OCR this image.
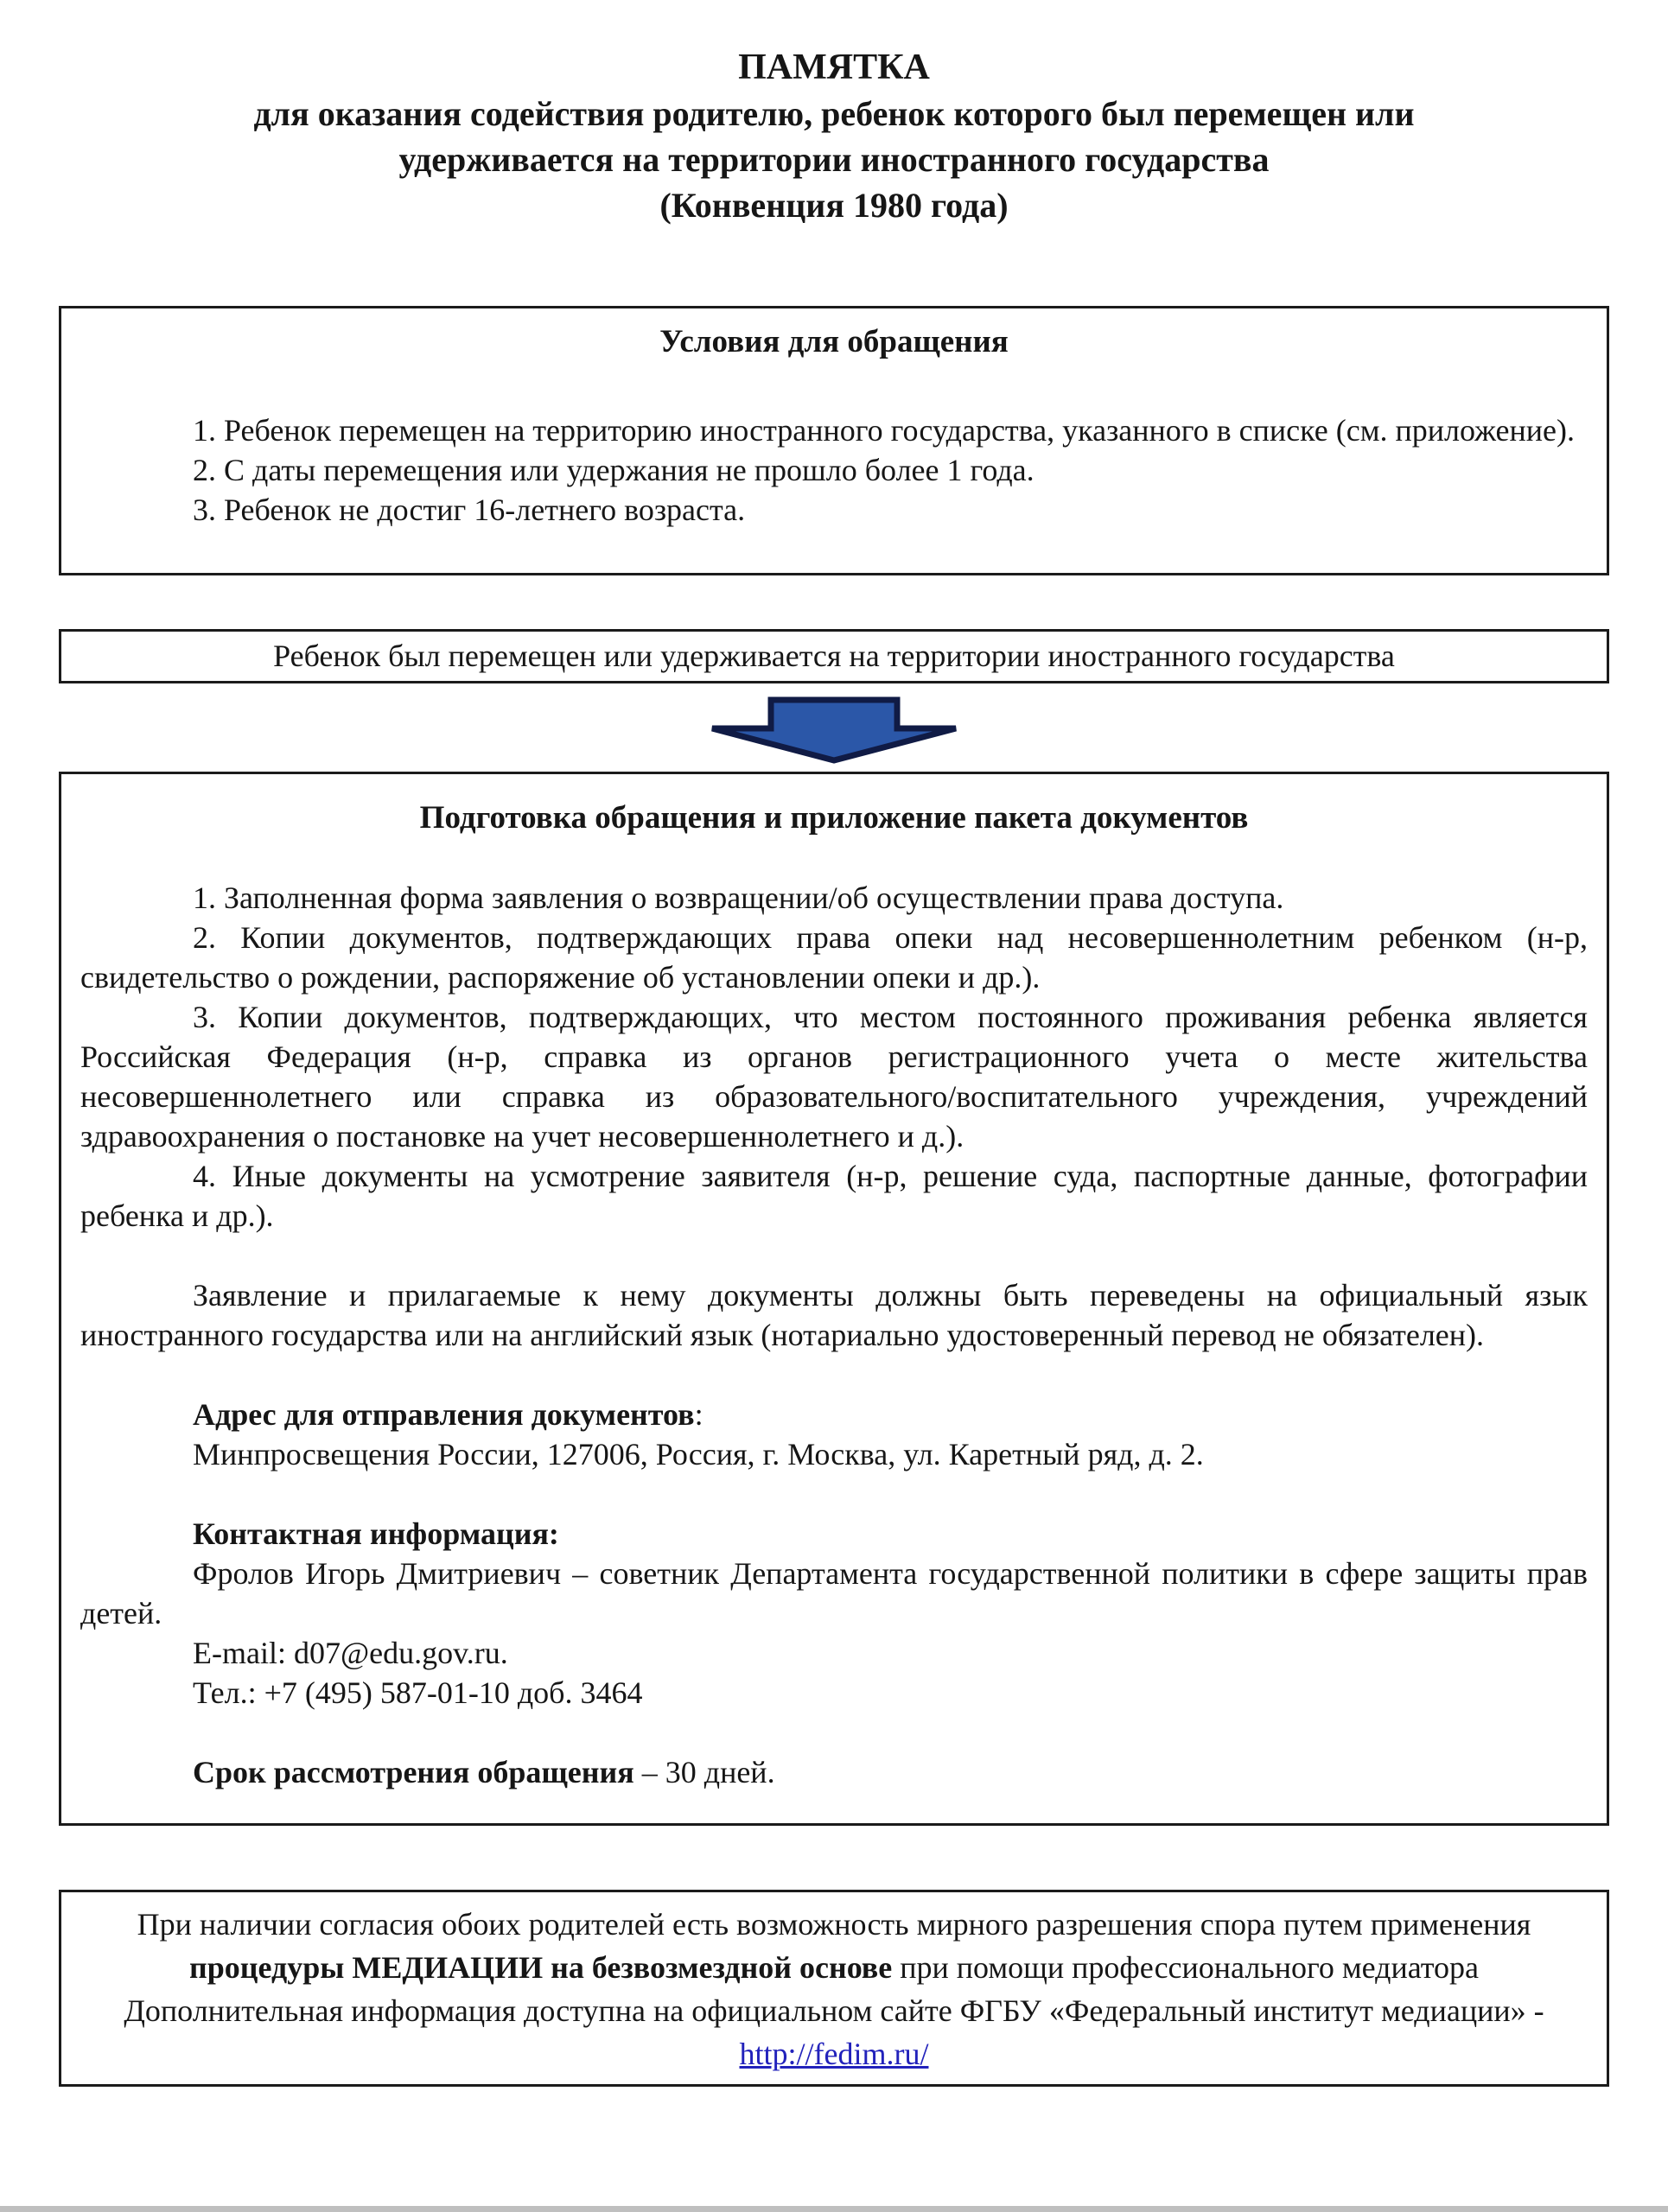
ПАМЯТКА
для оказания содействия родителю, ребенок которого был перемещен или
удерживается на территории иностранного государства
(Конвенция 1980 года)
Условия для обращения

1. Ребенок перемещен на территорию иностранного государства, указанного в списке (см. приложение).

2. С даты перемещения или удержания не прошло более 1 года.

3. Ребенок не достиг 16-летнего возраста.

Ребенок был перемещен или удерживается на территории иностранного государства
Подготовка обращения и приложение пакета документов

1. Заполненная форма заявления о возвращении/об осуществлении права доступа.

2. Копии документов, подтверждающих права опеки над несовершеннолетним ребенком (н-р, свидетельство о рождении, распоряжение об установлении опеки и др.).

3. Копии документов, подтверждающих, что местом постоянного проживания ребенка является Российская Федерация (н-р, справка из органов регистрационного учета о месте жительства несовершеннолетнего или справка из образовательного/воспитательного учреждения, учреждений здравоохранения о постановке на учет несовершеннолетнего и д.).

4. Иные документы на усмотрение заявителя (н-р, решение суда, паспортные данные, фотографии ребенка и др.).

Заявление и прилагаемые к нему документы должны быть переведены на официальный язык иностранного государства или на английский язык (нотариально удостоверенный перевод не обязателен).

Адрес для отправления документов:

Минпросвещения России, 127006, Россия, г. Москва, ул. Каретный ряд, д. 2.

Контактная информация:

Фролов Игорь Дмитриевич – советник Департамента государственной политики в сфере защиты прав детей.

E-mail: d07@edu.gov.ru.

Тел.: +7 (495) 587-01-10 доб. 3464

Срок рассмотрения обращения – 30 дней.

При наличии согласия обоих родителей есть возможность мирного разрешения спора путем применения процедуры МЕДИАЦИИ на безвозмездной основе при помощи профессионального медиатора Дополнительная информация доступна на официальном сайте ФГБУ «Федеральный институт медиации» - http://fedim.ru/
